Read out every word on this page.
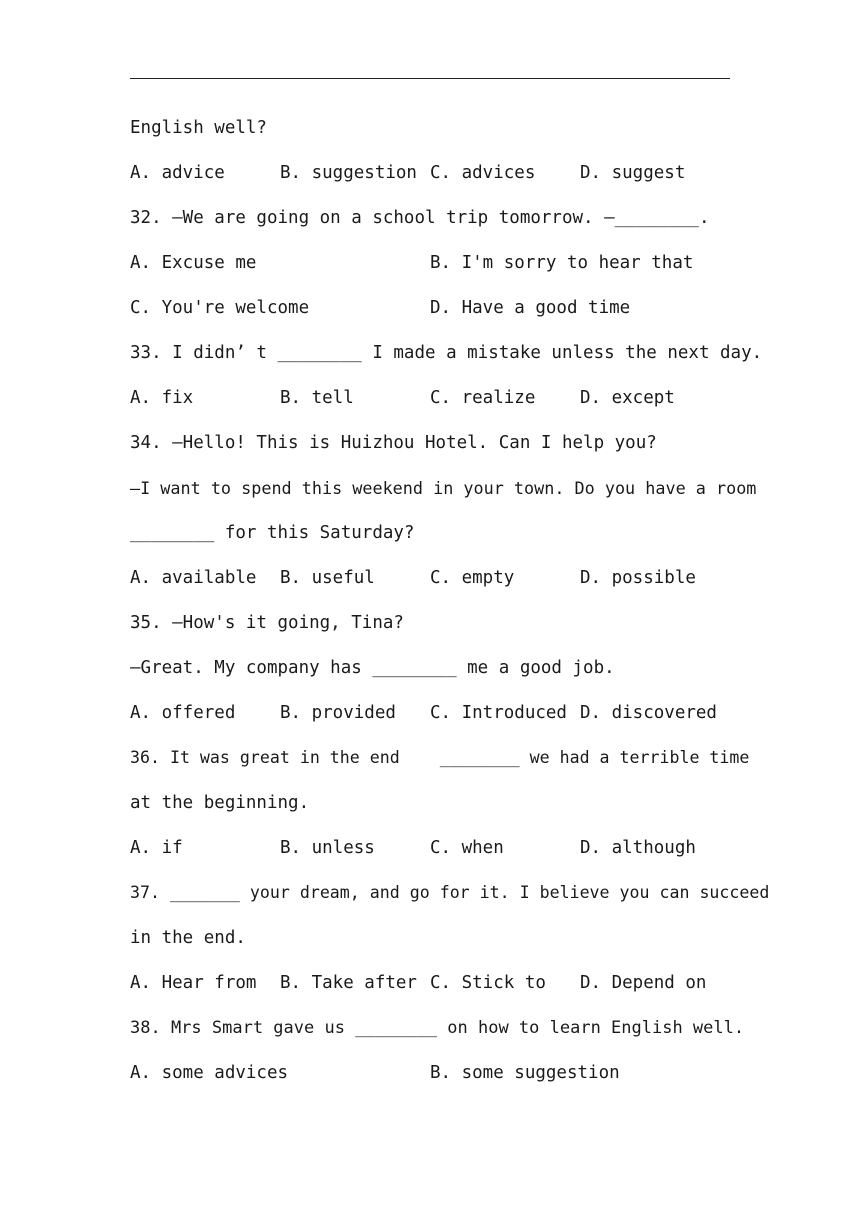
English well?
A. advice	B. suggestion C. advices	D. suggest
32. —We are going on a school trip tomorrow. —________.
A. Excuse me	B. I'm sorry to hear that
C. You're welcome	D. Have a good time
33. I didn’ t ________ I made a mistake unless the next day.
A. fix	B. tell	C. realize	D. except
34. —Hello! This is Huizhou Hotel. Can I help you?
—I want to spend this weekend in your town. Do you have a room
________ for this Saturday?
A. available B. useful	C. empty	D. possible
35. —How's it going, Tina?
—Great. My company has ________ me a good job.
A. offered	B. provided C. Introduced D. discovered
36. It was great in the end    ________ we had a terrible time
at the beginning.
A. if	B. unless	C. when	D. although
37. _______ your dream, and go for it. I believe you can succeed
in the end.
A. Hear from B. Take after C. Stick to D. Depend on
38. Mrs Smart gave us ________ on how to learn English well.
A. some advices	B. some suggestion
